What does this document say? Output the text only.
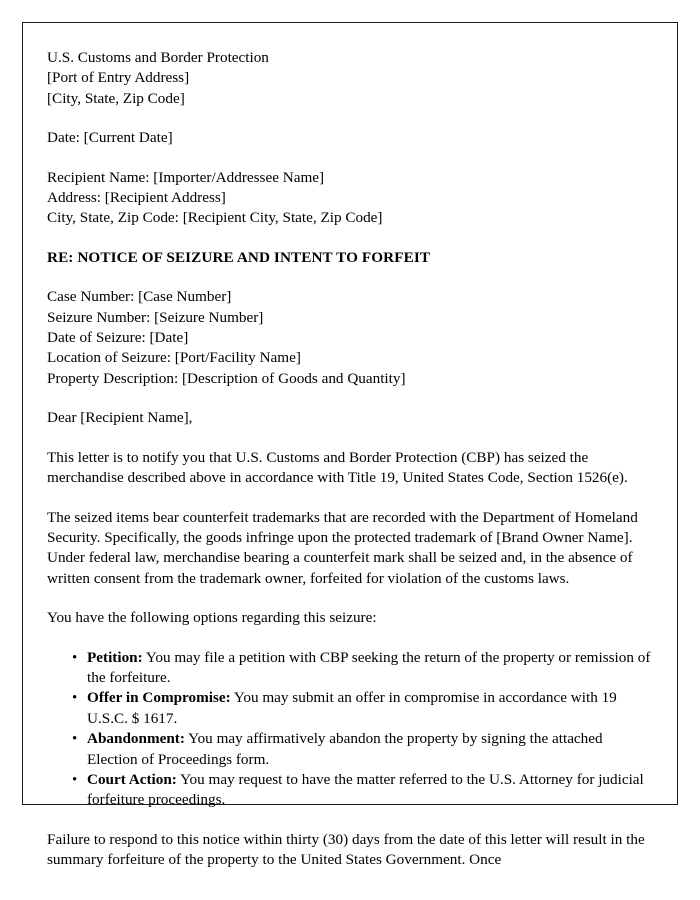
U.S. Customs and Border Protection
[Port of Entry Address]
[City, State, Zip Code]
Date: [Current Date]
Recipient Name: [Importer/Addressee Name]
Address: [Recipient Address]
City, State, Zip Code: [Recipient City, State, Zip Code]
RE: NOTICE OF SEIZURE AND INTENT TO FORFEIT
Case Number: [Case Number]
Seizure Number: [Seizure Number]
Date of Seizure: [Date]
Location of Seizure: [Port/Facility Name]
Property Description: [Description of Goods and Quantity]

Dear [Recipient Name],

This letter is to notify you that U.S. Customs and Border Protection (CBP) has seized the merchandise described above in accordance with Title 19, United States Code, Section 1526(e).

The seized items bear counterfeit trademarks that are recorded with the Department of Homeland Security. Specifically, the goods infringe upon the protected trademark of [Brand Owner Name]. Under federal law, merchandise bearing a counterfeit mark shall be seized and, in the absence of written consent from the trademark owner, forfeited for violation of the customs laws.

You have the following options regarding this seizure:

• Petition: You may file a petition with CBP seeking the return of the property or remission of the forfeiture.
• Offer in Compromise: You may submit an offer in compromise in accordance with 19 U.S.C. $ 1617.
• Abandonment: You may affirmatively abandon the property by signing the attached Election of Proceedings form.
• Court Action: You may request to have the matter referred to the U.S. Attorney for judicial forfeiture proceedings.

Failure to respond to this notice within thirty (30) days from the date of this letter will result in the summary forfeiture of the property to the United States Government. Once
